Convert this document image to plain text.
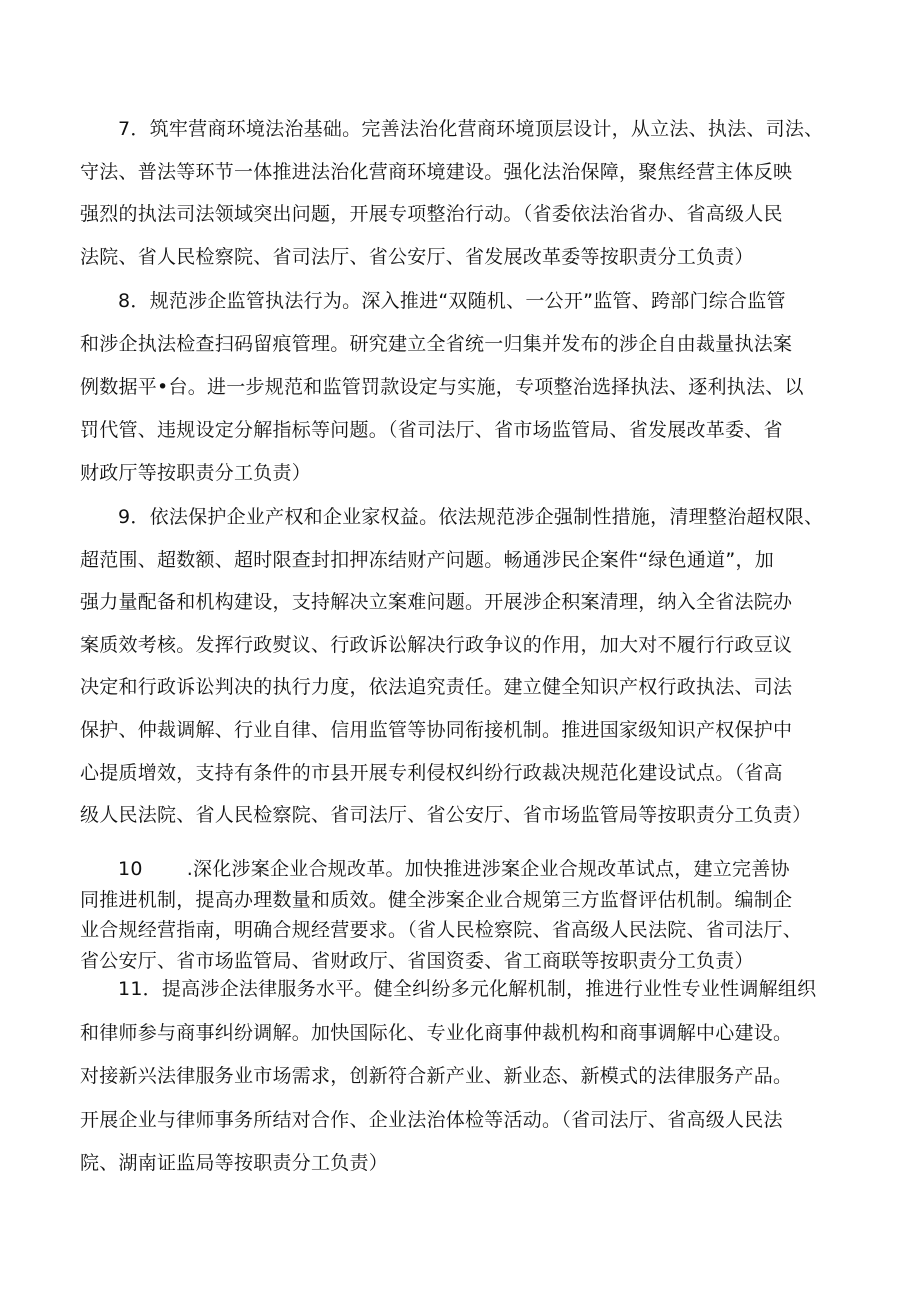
7．筑牢营商环境法治基础。完善法治化营商环境顶层设计，从立法、执法、司法、
守法、普法等环节一体推进法治化营商环境建设。强化法治保障，聚焦经营主体反映
强烈的执法司法领域突出问题，开展专项整治行动。（省委依法治省办、省高级人民
法院、省人民检察院、省司法厅、省公安厅、省发展改革委等按职责分工负责）
8．规范涉企监管执法行为。深入推进“双随机、一公开”监管、跨部门综合监管
和涉企执法检查扫码留痕管理。研究建立全省统一归集并发布的涉企自由裁量执法案
例数据平•台。进一步规范和监管罚款设定与实施，专项整治选择执法、逐利执法、以
罚代管、违规设定分解指标等问题。（省司法厅、省市场监管局、省发展改革委、省
财政厅等按职责分工负责）
9．依法保护企业产权和企业家权益。依法规范涉企强制性措施，清理整治超权限、
超范围、超数额、超时限查封扣押冻结财产问题。畅通涉民企案件“绿色通道”，加
强力量配备和机构建设，支持解决立案难问题。开展涉企积案清理，纳入全省法院办
案质效考核。发挥行政熨议、行政诉讼解决行政争议的作用，加大对不履行行政豆议
决定和行政诉讼判决的执行力度，依法追究责任。建立健全知识产权行政执法、司法
保护、仲裁调解、行业自律、信用监管等协同衔接机制。推进国家级知识产权保护中
心提质增效，支持有条件的市县开展专利侵权纠纷行政裁决规范化建设试点。（省高
级人民法院、省人民检察院、省司法厅、省公安厅、省市场监管局等按职责分工负责）
10 .深化涉案企业合规改革。加快推进涉案企业合规改革试点，建立完善协
同推进机制，提高办理数量和质效。健全涉案企业合规第三方监督评估机制。编制企
业合规经营指南，明确合规经营要求。（省人民检察院、省高级人民法院、省司法厅、
省公安厅、省市场监管局、省财政厅、省国资委、省工商联等按职责分工负责）
11．提高涉企法律服务水平。健全纠纷多元化解机制，推进行业性专业性调解组织
和律师参与商事纠纷调解。加快国际化、专业化商事仲裁机构和商事调解中心建设。
对接新兴法律服务业市场需求，创新符合新产业、新业态、新模式的法律服务产品。
开展企业与律师事务所结对合作、企业法治体检等活动。（省司法厅、省高级人民法
院、湖南证监局等按职责分工负责）
